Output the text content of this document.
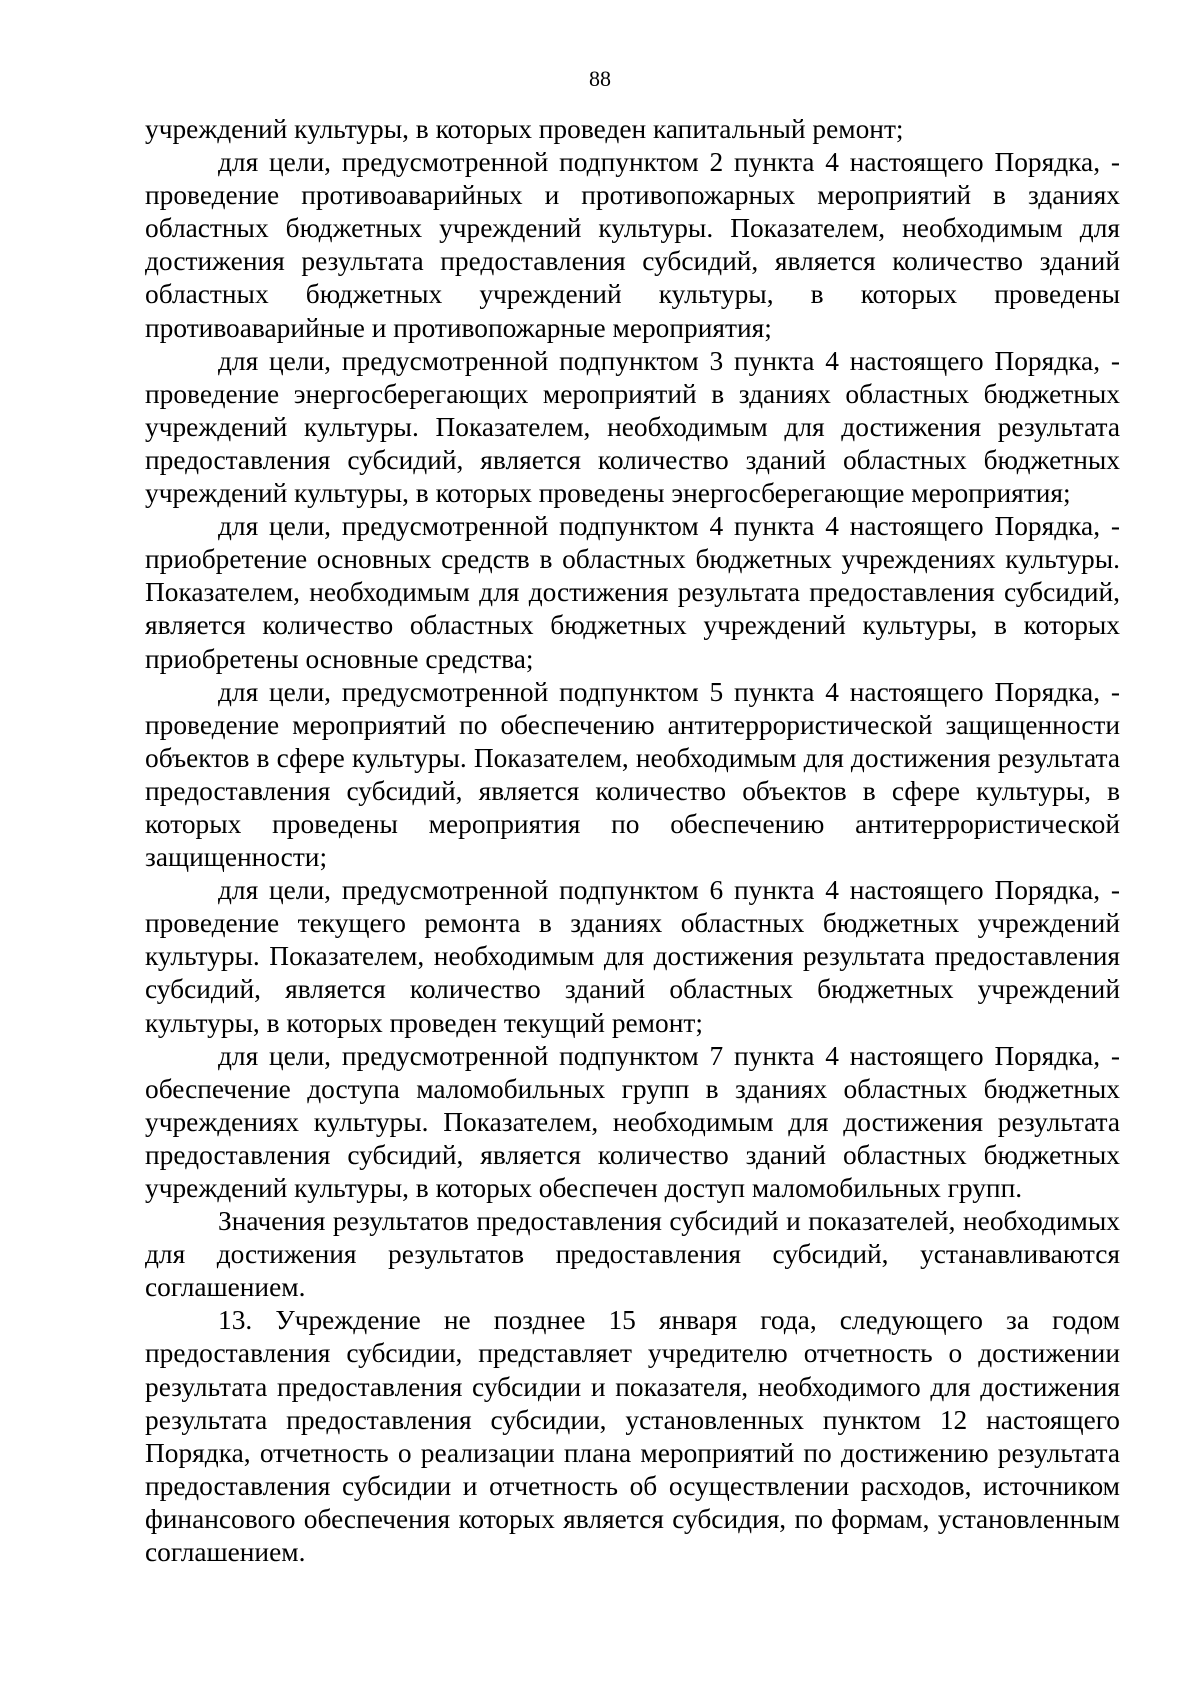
88

учреждений культуры, в которых проведен капитальный ремонт;

для цели, предусмотренной подпунктом 2 пункта 4 настоящего Порядка, - проведение противоаварийных и противопожарных мероприятий в зданиях областных бюджетных учреждений культуры. Показателем, необходимым для достижения результата предоставления субсидий, является количество зданий областных бюджетных учреждений культуры, в которых проведены противоаварийные и противопожарные мероприятия;

для цели, предусмотренной подпунктом 3 пункта 4 настоящего Порядка, - проведение энергосберегающих мероприятий в зданиях областных бюджетных учреждений культуры. Показателем, необходимым для достижения результата предоставления субсидий, является количество зданий областных бюджетных учреждений культуры, в которых проведены энергосберегающие мероприятия;

для цели, предусмотренной подпунктом 4 пункта 4 настоящего Порядка, - приобретение основных средств в областных бюджетных учреждениях культуры. Показателем, необходимым для достижения результата предоставления субсидий, является количество областных бюджетных учреждений культуры, в которых приобретены основные средства;

для цели, предусмотренной подпунктом 5 пункта 4 настоящего Порядка, - проведение мероприятий по обеспечению антитеррористической защищенности объектов в сфере культуры. Показателем, необходимым для достижения результата предоставления субсидий, является количество объектов в сфере культуры, в которых проведены мероприятия по обеспечению антитеррористической защищенности;

для цели, предусмотренной подпунктом 6 пункта 4 настоящего Порядка, - проведение текущего ремонта в зданиях областных бюджетных учреждений культуры. Показателем, необходимым для достижения результата предоставления субсидий, является количество зданий областных бюджетных учреждений культуры, в которых проведен текущий ремонт;

для цели, предусмотренной подпунктом 7 пункта 4 настоящего Порядка, - обеспечение доступа маломобильных групп в зданиях областных бюджетных учреждениях культуры. Показателем, необходимым для достижения результата предоставления субсидий, является количество зданий областных бюджетных учреждений культуры, в которых обеспечен доступ маломобильных групп.

Значения результатов предоставления субсидий и показателей, необходимых для достижения результатов предоставления субсидий, устанавливаются соглашением.

13. Учреждение не позднее 15 января года, следующего за годом предоставления субсидии, представляет учредителю отчетность о достижении результата предоставления субсидии и показателя, необходимого для достижения результата предоставления субсидии, установленных пунктом 12 настоящего Порядка, отчетность о реализации плана мероприятий по достижению результата предоставления субсидии и отчетность об осуществлении расходов, источником финансового обеспечения которых является субсидия, по формам, установленным соглашением.
